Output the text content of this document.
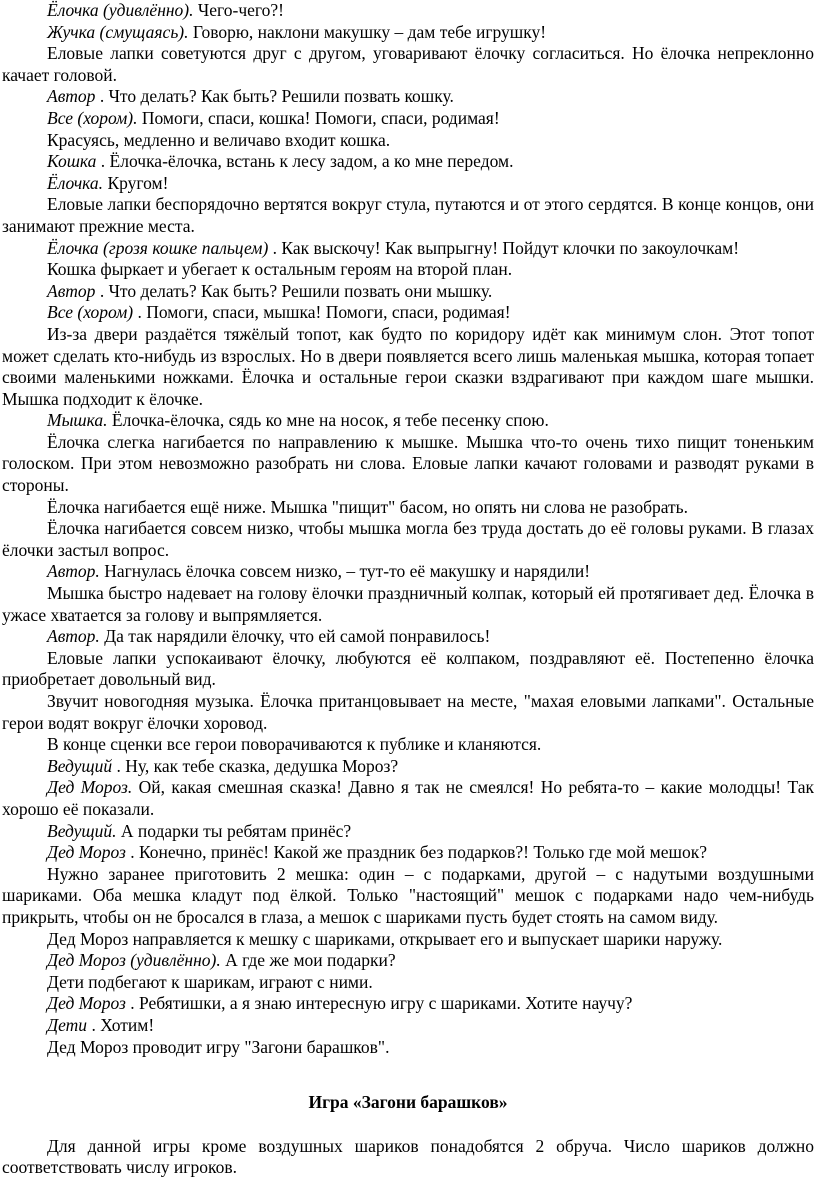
Ёлочка (удивлённо). Чего-чего?!

Жучка (смущаясь). Говорю, наклони макушку – дам тебе игрушку!

Еловые лапки советуются друг с другом, уговаривают ёлочку согласиться. Но ёлочка непреклонно качает головой.

Автор . Что делать? Как быть? Решили позвать кошку.

Все (хором). Помоги, спаси, кошка! Помоги, спаси, родимая!

Красуясь, медленно и величаво входит кошка.

Кошка . Ёлочка-ёлочка, встань к лесу задом, а ко мне передом.

Ёлочка. Кругом!

Еловые лапки беспорядочно вертятся вокруг стула, путаются и от этого сердятся. В конце концов, они занимают прежние места.

Ёлочка (грозя кошке пальцем) . Как выскочу! Как выпрыгну! Пойдут клочки по закоулочкам!

Кошка фыркает и убегает к остальным героям на второй план.

Автор . Что делать? Как быть? Решили позвать они мышку.

Все (хором) . Помоги, спаси, мышка! Помоги, спаси, родимая!

Из-за двери раздаётся тяжёлый топот, как будто по коридору идёт как минимум слон. Этот топот может сделать кто-нибудь из взрослых. Но в двери появляется всего лишь маленькая мышка, которая топает своими маленькими ножками. Ёлочка и остальные герои сказки вздрагивают при каждом шаге мышки. Мышка подходит к ёлочке.

Мышка. Ёлочка-ёлочка, сядь ко мне на носок, я тебе песенку спою.

Ёлочка слегка нагибается по направлению к мышке. Мышка что-то очень тихо пищит тоненьким голоском. При этом невозможно разобрать ни слова. Еловые лапки качают головами и разводят руками в стороны.

Ёлочка нагибается ещё ниже. Мышка "пищит" басом, но опять ни слова не разобрать.

Ёлочка нагибается совсем низко, чтобы мышка могла без труда достать до её головы руками. В глазах ёлочки застыл вопрос.

Автор. Нагнулась ёлочка совсем низко, – тут-то её макушку и нарядили!

Мышка быстро надевает на голову ёлочки праздничный колпак, который ей протягивает дед. Ёлочка в ужасе хватается за голову и выпрямляется.

Автор. Да так нарядили ёлочку, что ей самой понравилось!

Еловые лапки успокаивают ёлочку, любуются её колпаком, поздравляют её. Постепенно ёлочка приобретает довольный вид.

Звучит новогодняя музыка. Ёлочка пританцовывает на месте, "махая еловыми лапками". Остальные герои водят вокруг ёлочки хоровод.

В конце сценки все герои поворачиваются к публике и кланяются.

Ведущий . Ну, как тебе сказка, дедушка Мороз?

Дед Мороз. Ой, какая смешная сказка! Давно я так не смеялся! Но ребята-то – какие молодцы! Так хорошо её показали.

Ведущий. А подарки ты ребятам принёс?

Дед Мороз . Конечно, принёс! Какой же праздник без подарков?! Только где мой мешок?

Нужно заранее приготовить 2 мешка: один – с подарками, другой – с надутыми воздушными шариками. Оба мешка кладут под ёлкой. Только "настоящий" мешок с подарками надо чем-нибудь прикрыть, чтобы он не бросался в глаза, а мешок с шариками пусть будет стоять на самом виду.

Дед Мороз направляется к мешку с шариками, открывает его и выпускает шарики наружу.

Дед Мороз (удивлённо). А где же мои подарки?

Дети подбегают к шарикам, играют с ними.

Дед Мороз . Ребятишки, а я знаю интересную игру с шариками. Хотите научу?

Дети . Хотим!

Дед Мороз проводит игру "Загони барашков".

Игра «Загони барашков»

Для данной игры кроме воздушных шариков понадобятся 2 обруча. Число шариков должно соответствовать числу игроков.
